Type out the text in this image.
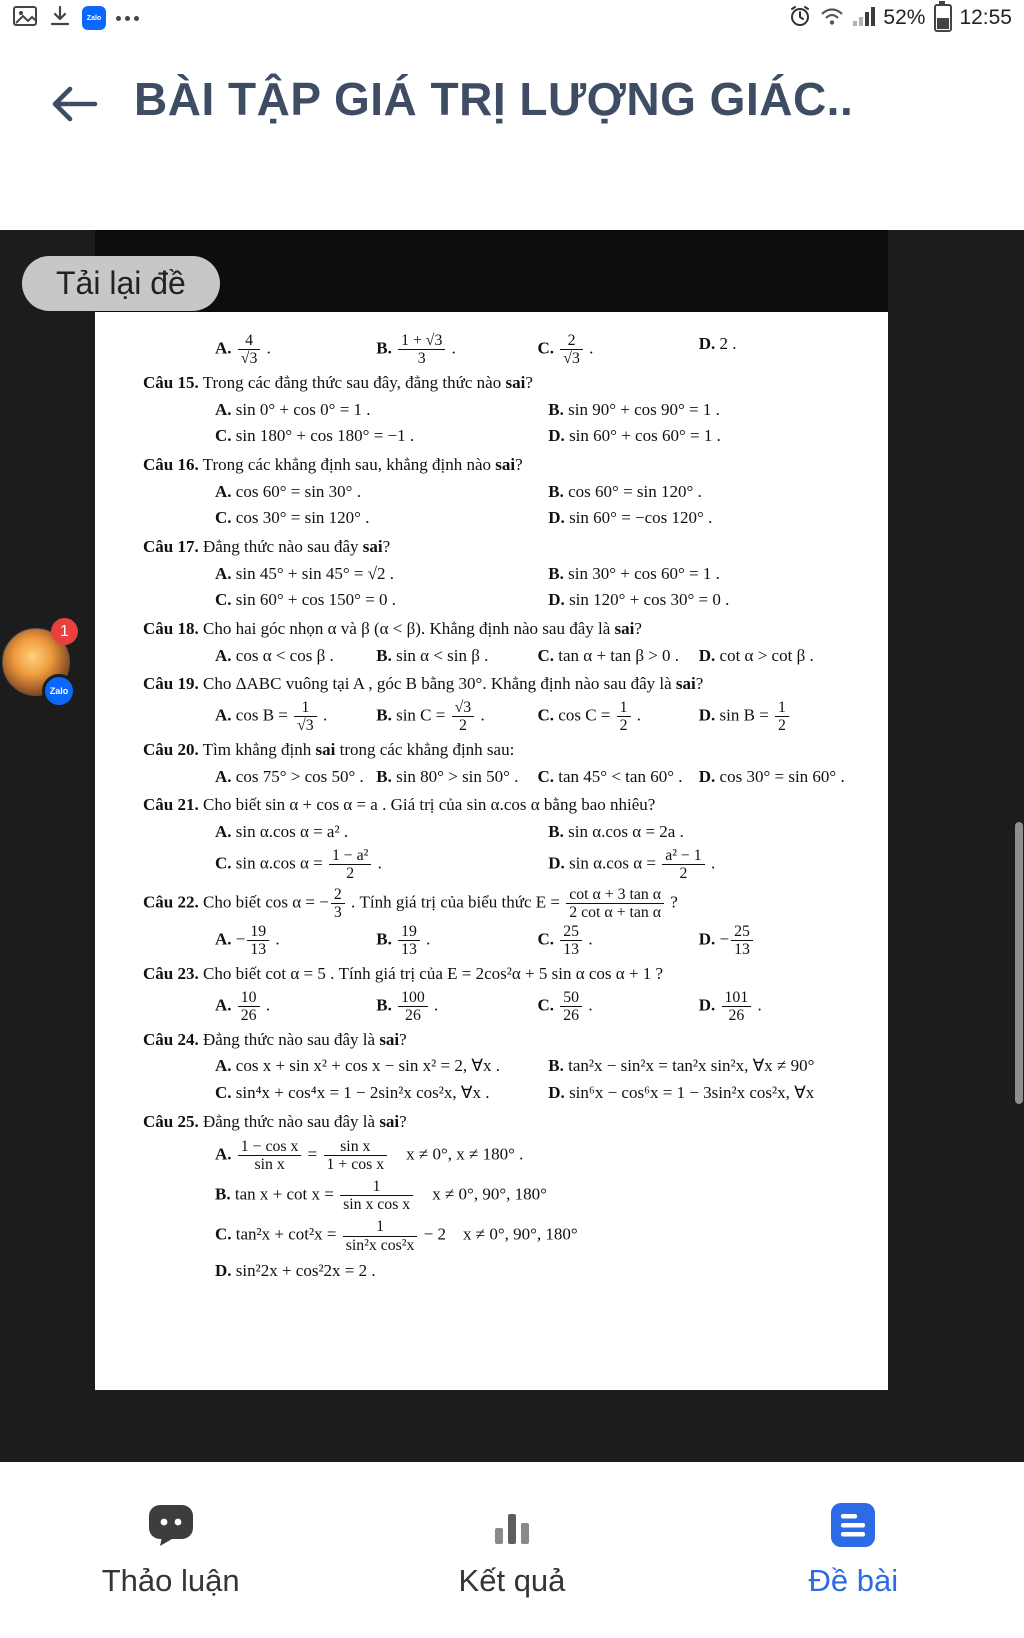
Zalo	52% 12:55
BÀI TẬP GIÁ TRỊ LƯỢNG GIÁC..
A. $\frac{4}{√3}$ .	B. $\frac{1 + √3}{3}$ .	C. $\frac{2}{√3}$ .	D. 2 .
Câu 15. Trong các đẳng thức sau đây, đẳng thức nào sai?
A. sin 0° + cos 0° = 1 .	B. sin 90° + cos 90° = 1 .
C. sin 180° + cos 180° = −1 .	D. sin 60° + cos 60° = 1 .
Câu 16. Trong các khẳng định sau, khẳng định nào sai?
A. cos 60° = sin 30° .	B. cos 60° = sin 120° .
C. cos 30° = sin 120° .	D. sin 60° = −cos 120° .
Câu 17. Đẳng thức nào sau đây sai?
A. sin 45° + sin 45° = √2 .	B. sin 30° + cos 60° = 1 .
C. sin 60° + cos 150° = 0 .	D. sin 120° + cos 30° = 0 .
Câu 18. Cho hai góc nhọn α và β (α < β). Khẳng định nào sau đây là sai?
A. cos α < cos β .	B. sin α < sin β .	C. tan α + tan β > 0 .	D. cot α > cot β .
Câu 19. Cho ΔABC vuông tại A , góc B bằng 30°. Khẳng định nào sau đây là sai?
A. $\cos B = \frac{1}{√3}$ .	B. $\sin C = \frac{√3}{2}$ .	C. $\cos C = \frac{1}{2}$ .	D. $\sin B = \frac{1}{2}$
Câu 20. Tìm khẳng định sai trong các khẳng định sau:
A. cos 75° > cos 50° . B. sin 80° > sin 50° .	C. tan 45° < tan 60° . D. cos 30° = sin 60° .
Câu 21. Cho biết sin α + cos α = a . Giá trị của sin α.cos α bằng bao nhiêu?
A. sin α.cos α = a² .	B. sin α.cos α = 2a .
C. sin α.cos $\alpha = \frac{\text{1 − a²}}{2}$ .	D. sin α.cos $\alpha = \frac{\text{a² − 1}}{2}$ .
Câu 22. Cho biết cos α = − $\frac{2}{3}$ . Tính giá trị của biểu thức $E = \frac{\text{cot α + 3 tan α}}{\text{2 cot α + tan α}}$ ?
A. − $\frac{19}{13}$ .	B. $\frac{19}{13}$ .	C. $\frac{25}{13}$ .	D. − $\frac{25}{13}$
Câu 23. Cho biết cot α = 5 . Tính giá trị của E = 2cos²α + 5 sin α cos α + 1 ?
A. $\frac{10}{26}$ .	B. $\frac{100}{26}$ .	C. $\frac{50}{26}$ .	D. $\frac{101}{26}$ .
Câu 24. Đẳng thức nào sau đây là sai?
A. cos x + sin x² + cos x − sin x² = 2, ∀x .	B. tan²x − sin²x = tan²x sin²x, ∀x ≠ 90°
C. sin⁴x + cos⁴x = 1 − 2sin²x cos²x, ∀x .	D. sin⁶x − cos⁶x = 1 − 3sin²x cos²x, ∀x
Câu 25. Đẳng thức nào sau đây là sai?
A. $\frac{\text{1 − cos x}}{\text{sin x}} = \frac{\text{sin x}}{\text{1 + cos x}}$  x ≠ 0°, x ≠ 180° .
B. $\tan x + \cot x = \frac{1}{\text{sin x cos x}}$  x ≠ 0°, 90°, 180°
C. $\tan^2x + \cot^2x = \frac{1}{\text{sin²x cos²x}} - 2$ x ≠ 0°, 90°, 180°
D. sin²2x + cos²2x = 2 .
Tải lại đề
1
Zalo
Thảo luận	Kết quả	Đề bài
